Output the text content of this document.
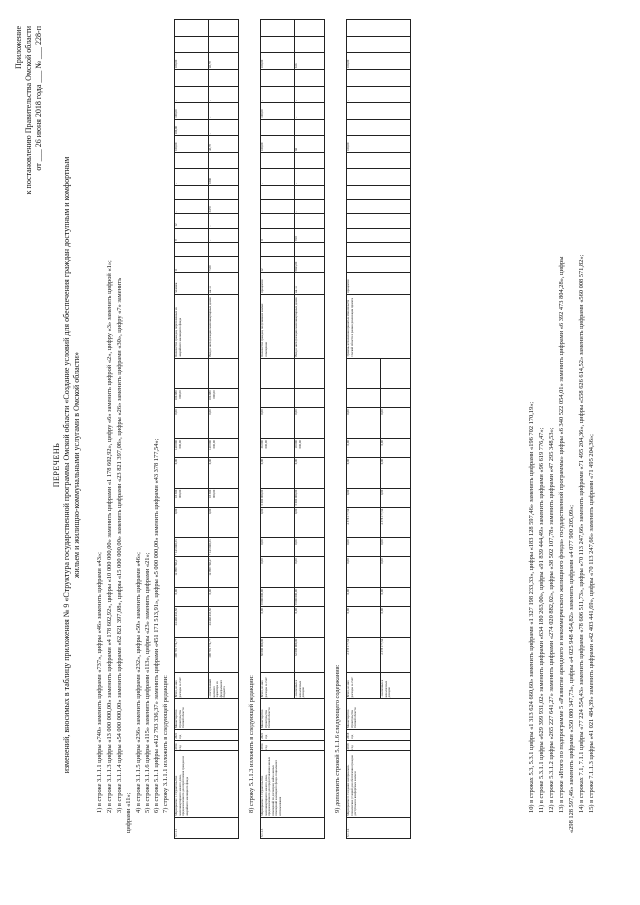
Приложение к постановлению Правительства Омской области от ___ 26 июня 2018 года ___ № ___ 228-п
ПЕРЕЧЕНЬ изменений, вносимых в таблицу приложения № 9 «Структура государственной программы Омской области «Создание условий для обеспечения граждан доступным и комфортным жильем и жилищно-коммунальными услугами в Омской области»
1) в строке 3.1.1.1 цифры «740» заменить цифрами «737», цифры «46» заменить цифрами «43»; 2) в строке 3.1.1.3 цифры «13 000 000,00» заменить цифрами «4 178 602,92», цифры «10 000 000,00» заменить цифрами «1 178 602,92», цифру «6» заменить цифрой «2», цифру «3» заменить цифрой «1»; 3) в строке 3.1.1.4 цифры «54 000 000,00» заменить цифрами «62 821 397,08», цифры «15 000 000,00» заменить цифрами «23 821 397,08», цифры «26» заменить цифрами «30», цифру «7» заменить цифрами «11»; 4) в строке 3.1.1.5 цифры «236» заменить цифрами «232», цифры «50» заменить цифрами «46»; 5) в строке 3.1.1.6 цифры «115» заменить цифрами «113», цифры «23» заменить цифрами «21»; 6) в строке 5.1.1 цифры «412 793 336,37» заменить цифрами «451 171 513,91», цифры «5 000 000,00» заменить цифрами «43 378 177,54»; 7) строку 3.1.1.1 изложить в следующей редакции:
3.1.1.1	Мероприятие 1. Строительство многоквартирного жилого дома, предназначенного для переселения граждан из аварийного жилищного фонда	2014 год	2021 год	Министерство строительства Омской области	Всего, из них расходы за счет:	309 791 774,77	24 468 433,50	0,00	12 999 768,27	7 143 848,33	0,00	18 300 000,00	0,00	120 000 000,00	0,00	106 880 000,00		Количество граждан, переселенных из аварийного жилищного фонда	человек	11		9	12	-		-		100,00	100,00	100,00	-		100,00		
					- поступлений целевого характера из федерального бюджета	309 791 774,77	24 468 433,50	0,00	12 999 768,27	7 143 848,33	0,00	18 300 000,00	0,00	120 000 000,00	0,00	106 880 000,00		Ввод в эксплуатацию многоквартирных домов	кв. м	7330		-	-	3470		1800		45,79	-	-	-		45,79		
8) строку 5.1.1.3 изложить в следующей редакции:
5.1.1.3	Мероприятие 3. Строительство многоквартирного жилого дома, предназначенного для предоставления жилых помещений по договорам найма жилых помещений жилищного фонда социального использования	2014 год	2021 год	Министерство строительства Омской области	Всего, из них расходы за счет:	50 000 000,00	0,00	9 000 000,00	0,00	0,00	0,00	5 000 000,00	0,00	36 000 000,00	0,00			Количество граждан, получивших жилые помещения	процентов	12		8		-		-		100,00		100,00	-		100,00		
					- налоговых и неналоговых доходов	32 000 000,00	0,00	9 000 000,00	0,00	0,00	0,00	5 000 000,00	0,00	18 000 000,00	0,00			Ввод в эксплуатацию многоквартирных домов	кв. м	5043,00		918		-		-		66		-	-		616		
9) дополнить строкой 5.1.1.6 следующего содержания:
5.1.1.6	Мероприятие 6. Создание материально-технических условий для обеспечения граждан доступным и комфортным жильем	2018 год	2018 год	Министерство строительства Омской области	Всего, из них расходы за счет:	2 378 177,54	0,00	0,00	0,00	0,00	2 378 177,54	0,00	0,00	0,00	0,00			Уровень исполнения принятых обязательств Омской области в рамках реализации проекта	процентов									100,00			-		100,00		
					- налоговых и неналоговых доходов	2 378 177,54	0,00	0,00	0,00	0,00	2 378 177,54	0,00	0,00	0,00	0,00																					10) в строках 5.3, 5.3.1 цифры «1 313 624 660,60» заменить цифрами «1 327 198 233,33», цифры «183 128 597,46» заменить цифрами «196 702 170,19»; 11) в строке 5.3.1.1 цифры «629 399 931,02» заменить цифрами «634 180 263,00», цифры «91 839 444,49» заменить цифрами «96 619 776,47»; 12) в строке 5.3.1.2 цифры «265 227 641,27» заменить цифрами «274 020 882,02», цифры «38 502 107,78» заменить цифрами «47 295 348,53»; 13) в строке «Итого по подпрограмме 5 «Развитие арендного и некоммерческого жилищного фонда» государственной программы» цифры «6 340 522 054,01» заменить цифрами «6 392 473 804,28», цифры «298 128 597,46» заменить цифрами «350 080 347,73», цифры «4 025 948 454,82» заменить цифрами «4 077 900 205,09»; 14) в строках 7.1, 7.1.1 цифры «77 224 554,43» заменить цифрами «78 606 511,73», цифры «70 113 247,66» заменить цифрами «71 495 204,36», цифры «558 626 614,52» заменить цифрами «560 008 571,82»; 15) в строке 7.1.1.3 цифры «41 021 484,39» заменить цифрами «42 403 441,69», цифры «70 113 247,66» заменить цифрами «71 495 204,36»;
